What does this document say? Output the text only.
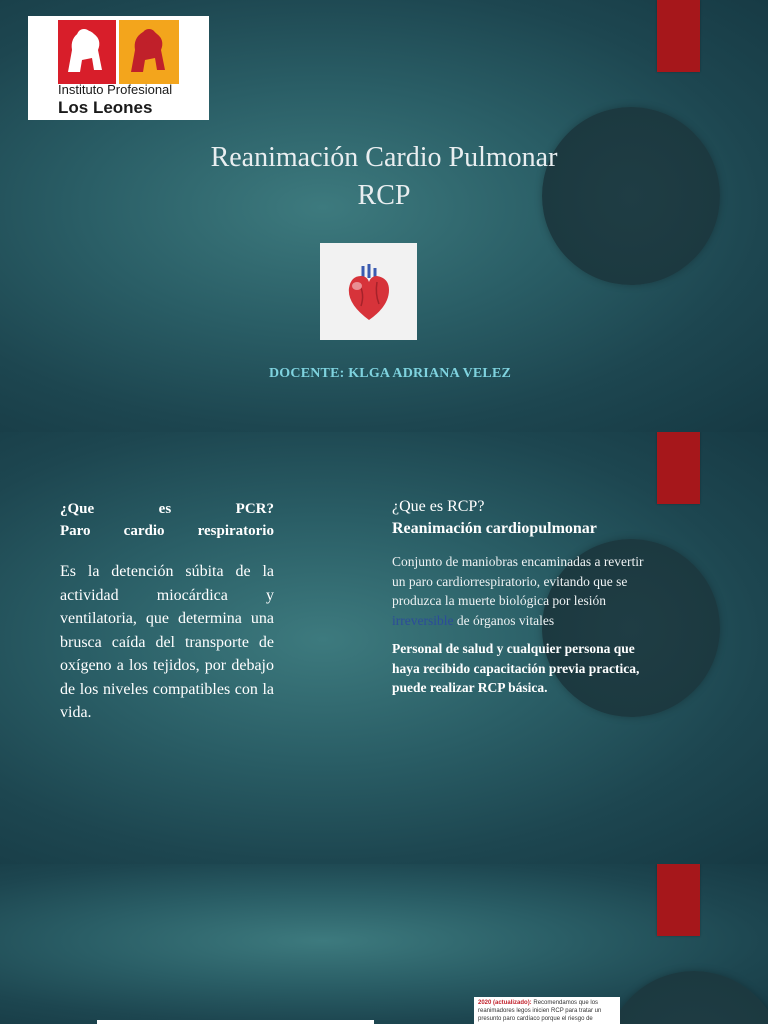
Instituto Profesional
Los Leones
Reanimación Cardio Pulmonar
RCP
DOCENTE: KLGA ADRIANA VELEZ
¿Que	es	PCR?
Paro cardio respiratorio
Es la detención súbita de la actividad miocárdica y ventilatoria, que determina una brusca caída del transporte de oxígeno a los tejidos, por debajo de los niveles compatibles con la vida.
¿Que es RCP?
Reanimación cardiopulmonar
Conjunto de maniobras encaminadas a revertir un paro cardiorrespiratorio, evitando que se produzca la muerte biológica por lesión irreversible de órganos vitales
Personal de salud y cualquier persona que haya recibido capacitación previa practica, puede realizar RCP básica.
2020 (actualizado): Recomendamos que los reanimadores legos inicien RCP para tratar un presunto paro cardíaco porque el riesgo de
